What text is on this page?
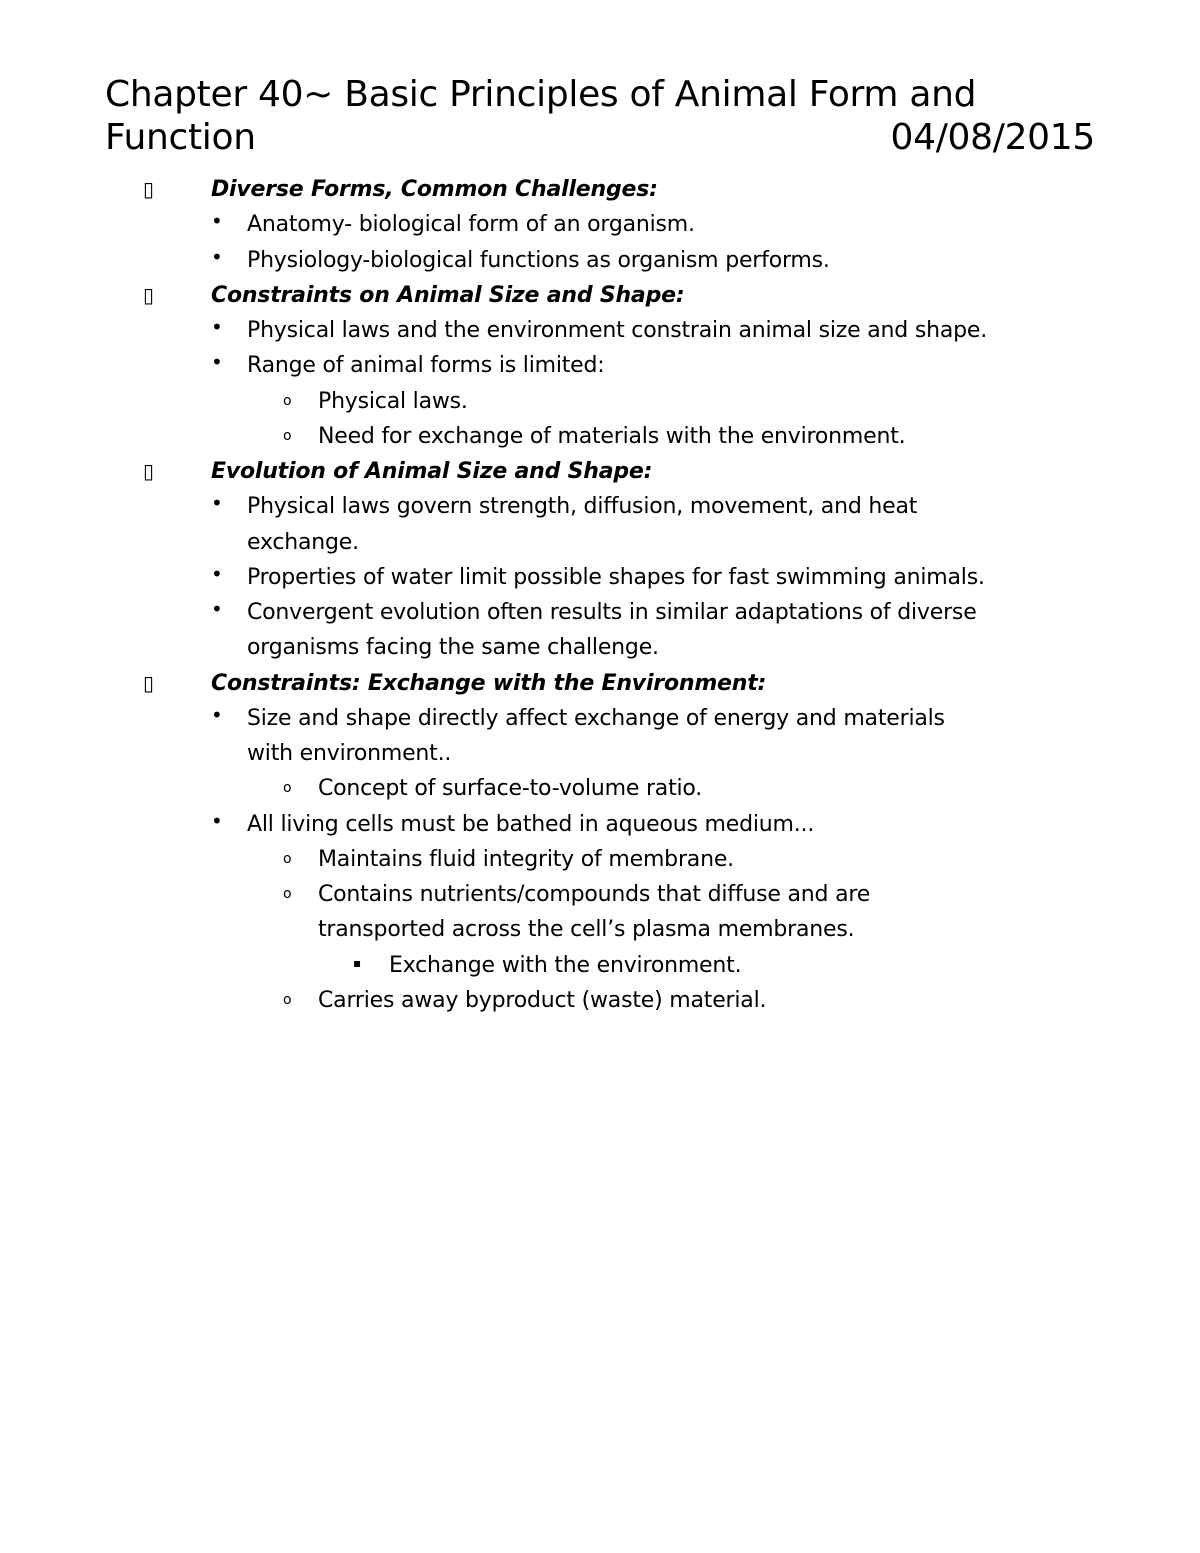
Chapter 40~ Basic Principles of Animal Form and
Function	04/08/2015
▯	Diverse Forms, Common Challenges:
• Anatomy- biological form of an organism.
• Physiology-biological functions as organism performs.
▯	Constraints on Animal Size and Shape:
• Physical laws and the environment constrain animal size and shape.
• Range of animal forms is limited:
o Physical laws.
o Need for exchange of materials with the environment.
▯	Evolution of Animal Size and Shape:
• Physical laws govern strength, diffusion, movement, and heat
exchange.
• Properties of water limit possible shapes for fast swimming animals.
• Convergent evolution often results in similar adaptations of diverse
organisms facing the same challenge.
▯	Constraints: Exchange with the Environment:
• Size and shape directly affect exchange of energy and materials
with environment..
o Concept of surface-to-volume ratio.
• All living cells must be bathed in aqueous medium...
o Maintains fluid integrity of membrane.
o Contains nutrients/compounds that diffuse and are
transported across the cell’s plasma membranes.
▪ Exchange with the environment.
o Carries away byproduct (waste) material.
